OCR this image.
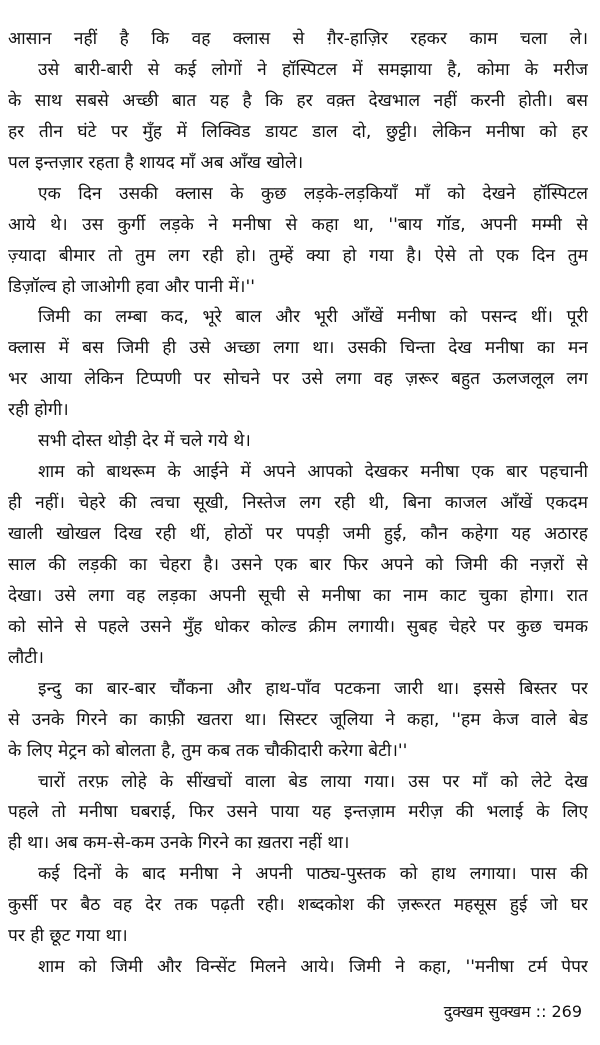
आसान नहीं है कि वह क्लास से ग़ैर-हाज़िर रहकर काम चला ले।
उसे बारी-बारी से कई लोगों ने हॉस्पिटल में समझाया है, कोमा के मरीज
के साथ सबसे अच्छी बात यह है कि हर वक़्त देखभाल नहीं करनी होती। बस
हर तीन घंटे पर मुँह में लिक्विड डायट डाल दो, छुट्टी। लेकिन मनीषा को हर
पल इन्तज़ार रहता है शायद माँ अब आँख खोले।
एक दिन उसकी क्लास के कुछ लड़के-लड़कियाँ माँ को देखने हॉस्पिटल
आये थे। उस कुर्गी लड़के ने मनीषा से कहा था, ''बाय गॉड, अपनी मम्मी से
ज़्यादा बीमार तो तुम लग रही हो। तुम्हें क्या हो गया है। ऐसे तो एक दिन तुम
डिज़ॉल्व हो जाओगी हवा और पानी में।''
जिमी का लम्बा कद, भूरे बाल और भूरी आँखें मनीषा को पसन्द थीं। पूरी
क्लास में बस जिमी ही उसे अच्छा लगा था। उसकी चिन्ता देख मनीषा का मन
भर आया लेकिन टिप्पणी पर सोचने पर उसे लगा वह ज़रूर बहुत ऊलजलूल लग
रही होगी।
सभी दोस्त थोड़ी देर में चले गये थे।
शाम को बाथरूम के आईने में अपने आपको देखकर मनीषा एक बार पहचानी
ही नहीं। चेहरे की त्वचा सूखी, निस्तेज लग रही थी, बिना काजल आँखें एकदम
खाली खोखल दिख रही थीं, होठों पर पपड़ी जमी हुई, कौन कहेगा यह अठारह
साल की लड़की का चेहरा है। उसने एक बार फिर अपने को जिमी की नज़रों से
देखा। उसे लगा वह लड़का अपनी सूची से मनीषा का नाम काट चुका होगा। रात
को सोने से पहले उसने मुँह धोकर कोल्ड क्रीम लगायी। सुबह चेहरे पर कुछ चमक
लौटी।
इन्दु का बार-बार चौंकना और हाथ-पाँव पटकना जारी था। इससे बिस्तर पर
से उनके गिरने का काफ़ी खतरा था। सिस्टर जूलिया ने कहा, ''हम केज वाले बेड
के लिए मेट्रन को बोलता है, तुम कब तक चौकीदारी करेगा बेटी।''
चारों तरफ़ लोहे के सींखचों वाला बेड लाया गया। उस पर माँ को लेटे देख
पहले तो मनीषा घबराई, फिर उसने पाया यह इन्तज़ाम मरीज़ की भलाई के लिए
ही था। अब कम-से-कम उनके गिरने का ख़तरा नहीं था।
कई दिनों के बाद मनीषा ने अपनी पाठ्य-पुस्तक को हाथ लगाया। पास की
कुर्सी पर बैठ वह देर तक पढ़ती रही। शब्दकोश की ज़रूरत महसूस हुई जो घर
पर ही छूट गया था।
शाम को जिमी और विन्सेंट मिलने आये। जिमी ने कहा, ''मनीषा टर्म पेपर
दुक्खम सुक्खम :: 269
